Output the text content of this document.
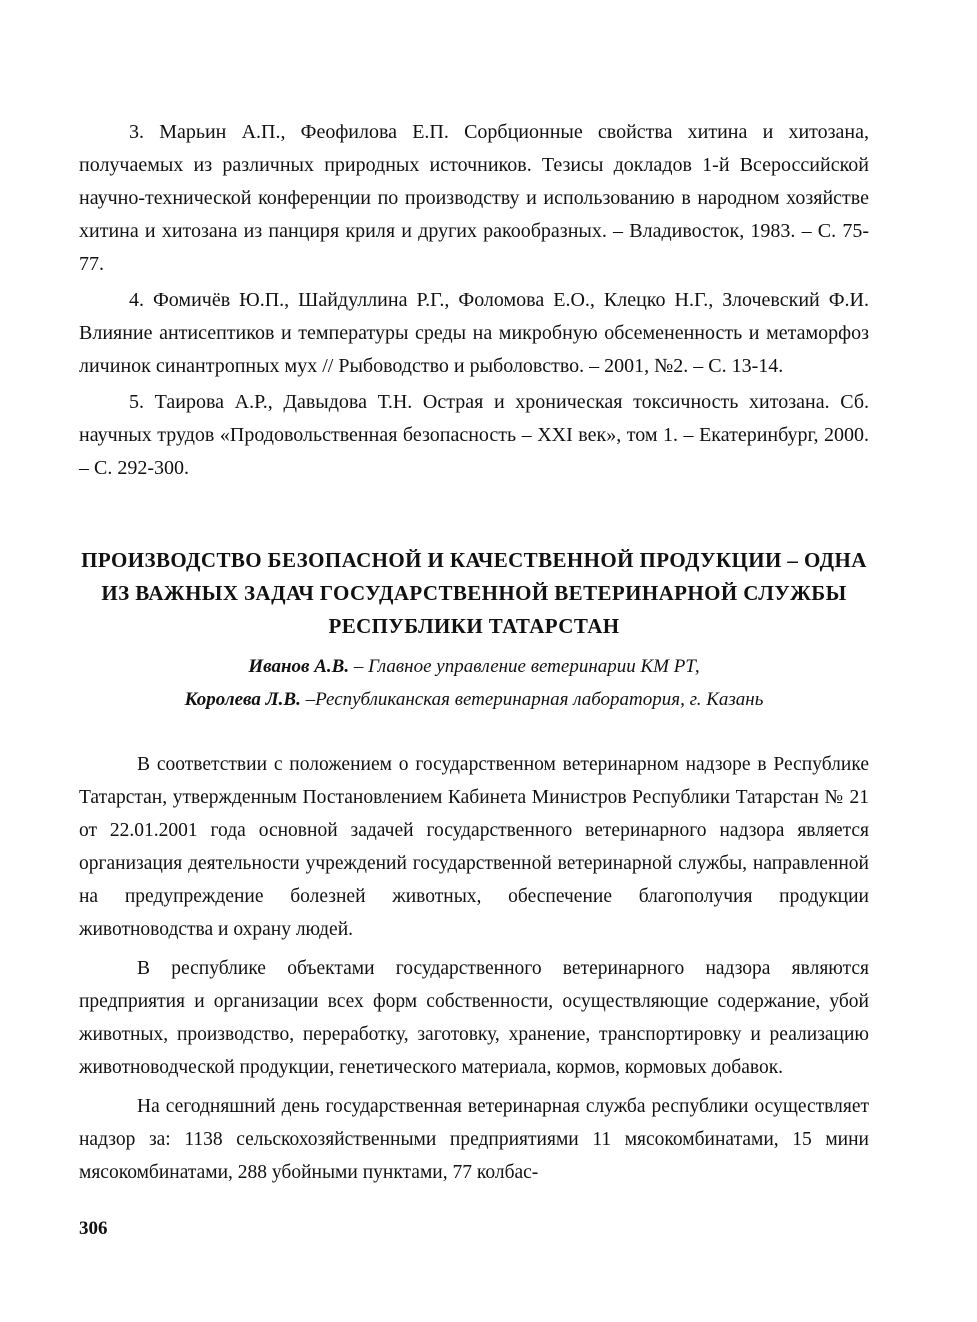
3. Марьин А.П., Феофилова Е.П. Сорбционные свойства хитина и хитозана, получаемых из различных природных источников. Тезисы докладов 1-й Всероссийской научно-технической конференции по производству и использованию в народном хозяйстве хитина и хитозана из панциря криля и других ракообразных. – Владивосток, 1983. – С. 75-77.

4. Фомичёв Ю.П., Шайдуллина Р.Г., Фоломова Е.О., Клецко Н.Г., Злочевский Ф.И. Влияние антисептиков и температуры среды на микробную обсемененность и метаморфоз личинок синантропных мух // Рыбоводство и рыболовство. – 2001, №2. – С. 13-14.

5. Таирова А.Р., Давыдова Т.Н. Острая и хроническая токсичность хитозана. Сб. научных трудов «Продовольственная безопасность – XXI век», том 1. – Екатеринбург, 2000. – С. 292-300.

ПРОИЗВОДСТВО БЕЗОПАСНОЙ И КАЧЕСТВЕННОЙ ПРОДУКЦИИ – ОДНА ИЗ ВАЖНЫХ ЗАДАЧ ГОСУДАРСТВЕННОЙ ВЕТЕРИНАРНОЙ СЛУЖБЫ РЕСПУБЛИКИ ТАТАРСТАН
Иванов А.В. – Главное управление ветеринарии КМ РТ,
Королева Л.В. –Республиканская ветеринарная лаборатория, г. Казань

В соответствии с положением о государственном ветеринарном надзоре в Республике Татарстан, утвержденным Постановлением Кабинета Министров Республики Татарстан № 21 от 22.01.2001 года основной задачей государственного ветеринарного надзора является организация деятельности учреждений государственной ветеринарной службы, направленной на предупреждение болезней животных, обеспечение благополучия продукции животноводства и охрану людей.

В республике объектами государственного ветеринарного надзора являются предприятия и организации всех форм собственности, осуществляющие содержание, убой животных, производство, переработку, заготовку, хранение, транспортировку и реализацию животноводческой продукции, генетического материала, кормов, кормовых добавок.

На сегодняшний день государственная ветеринарная служба республики осуществляет надзор за: 1138 сельскохозяйственными предприятиями 11 мясокомбинатами, 15 мини мясокомбинатами, 288 убойными пунктами, 77 колбас-

306
